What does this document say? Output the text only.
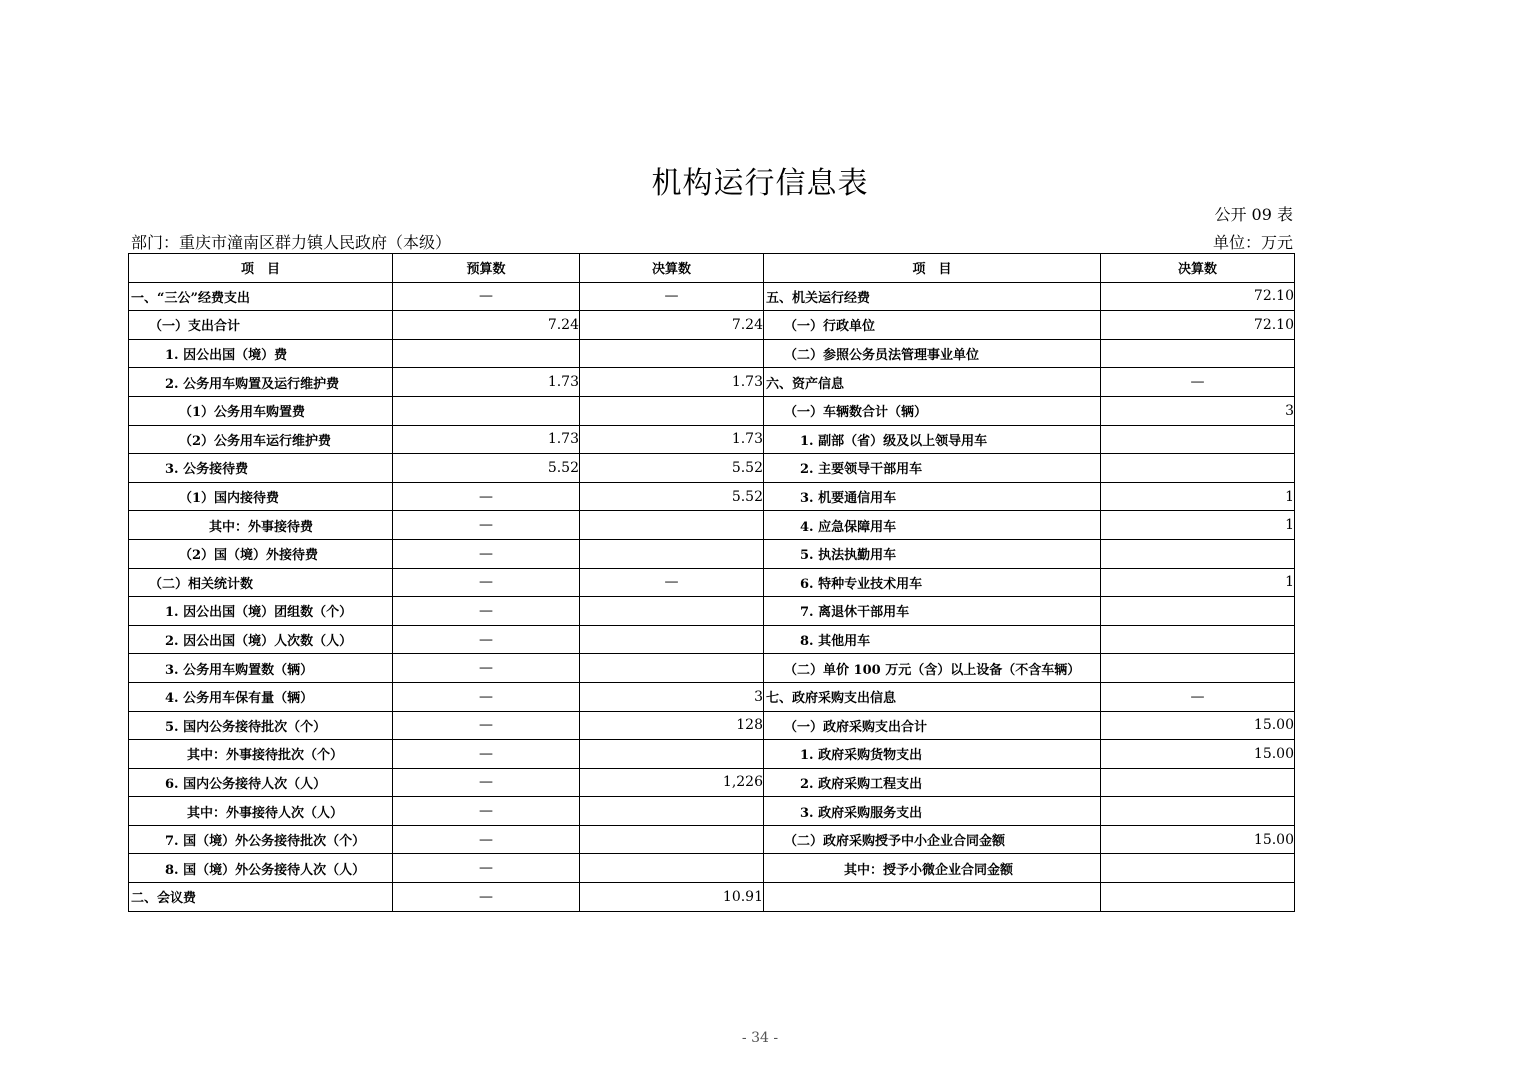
机构运行信息表
公开 09 表
部门：重庆市潼南区群力镇人民政府（本级）	单位：万元
项　目	预算数	决算数	项　目	决算数
一、“三公”经费支出	—	—	五、机关运行经费	72.10
（一）支出合计	7.24	7.24	（一）行政单位	72.10
1. 因公出国（境）费			（二）参照公务员法管理事业单位	
2. 公务用车购置及运行维护费	1.73	1.73	六、资产信息	—
（1）公务用车购置费			（一）车辆数合计（辆）	3
（2）公务用车运行维护费	1.73	1.73	1. 副部（省）级及以上领导用车	
3. 公务接待费	5.52	5.52	2. 主要领导干部用车	
（1）国内接待费	—	5.52	3. 机要通信用车	1
其中：外事接待费	—		4. 应急保障用车	1
（2）国（境）外接待费	—		5. 执法执勤用车	
（二）相关统计数	—	—	6. 特种专业技术用车	1
1. 因公出国（境）团组数（个）	—		7. 离退休干部用车	
2. 因公出国（境）人次数（人）	—		8. 其他用车	
3. 公务用车购置数（辆）	—		（二）单价 100 万元（含）以上设备（不含车辆）	
4. 公务用车保有量（辆）	—	3	七、政府采购支出信息	—
5. 国内公务接待批次（个）	—	128	（一）政府采购支出合计	15.00
其中：外事接待批次（个）	—		1. 政府采购货物支出	15.00
6. 国内公务接待人次（人）	—	1,226	2. 政府采购工程支出	
其中：外事接待人次（人）	—		3. 政府采购服务支出	
7. 国（境）外公务接待批次（个）	—		（二）政府采购授予中小企业合同金额	15.00
8. 国（境）外公务接待人次（人）	—		其中：授予小微企业合同金额	
二、会议费	—	10.91		
- 34 -
